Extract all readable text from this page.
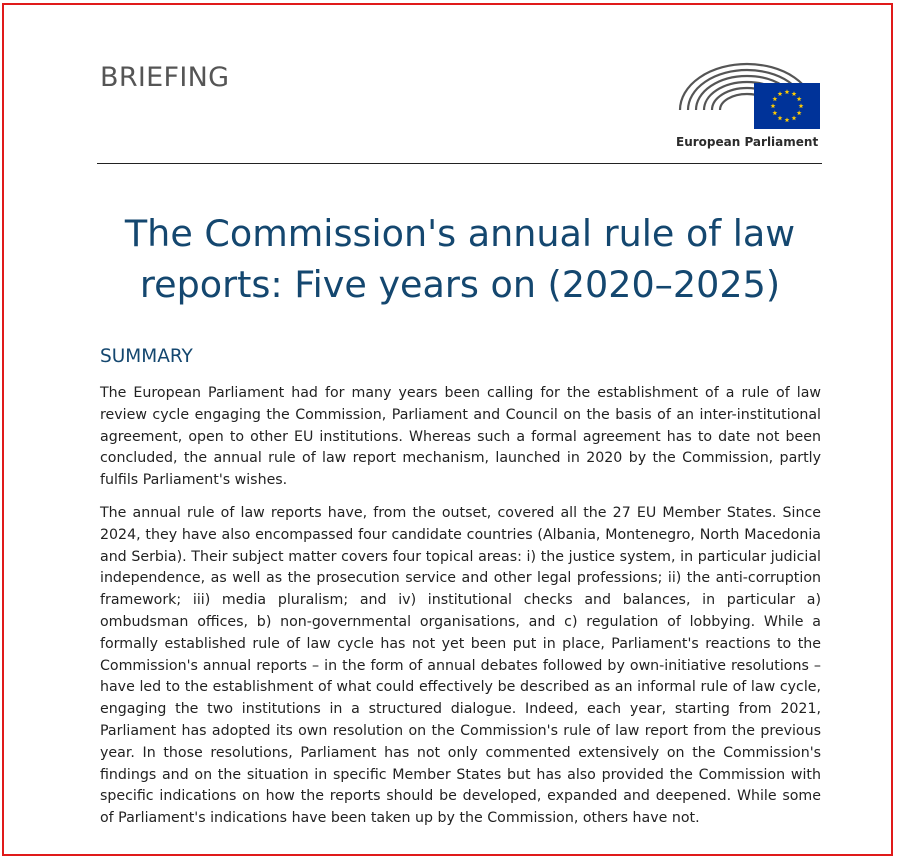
BRIEFING
European Parliament
The Commission's annual rule of law reports: Five years on (2020–2025)
SUMMARY
The European Parliament had for many years been calling for the establishment of a rule of law review cycle engaging the Commission, Parliament and Council on the basis of an inter-institutional agreement, open to other EU institutions. Whereas such a formal agreement has to date not been concluded, the annual rule of law report mechanism, launched in 2020 by the Commission, partly fulfils Parliament's wishes.
The annual rule of law reports have, from the outset, covered all the 27 EU Member States. Since 2024, they have also encompassed four candidate countries (Albania, Montenegro, North Macedonia and Serbia). Their subject matter covers four topical areas: i) the justice system, in particular judicial independence, as well as the prosecution service and other legal professions; ii) the anti-corruption framework; iii) media pluralism; and iv) institutional checks and balances, in particular a) ombudsman offices, b) non-governmental organisations, and c) regulation of lobbying. While a formally established rule of law cycle has not yet been put in place, Parliament's reactions to the Commission's annual reports – in the form of annual debates followed by own-initiative resolutions – have led to the establishment of what could effectively be described as an informal rule of law cycle, engaging the two institutions in a structured dialogue. Indeed, each year, starting from 2021, Parliament has adopted its own resolution on the Commission's rule of law report from the previous year. In those resolutions, Parliament has not only commented extensively on the Commission's findings and on the situation in specific Member States but has also provided the Commission with specific indications on how the reports should be developed, expanded and deepened. While some of Parliament's indications have been taken up by the Commission, others have not.
